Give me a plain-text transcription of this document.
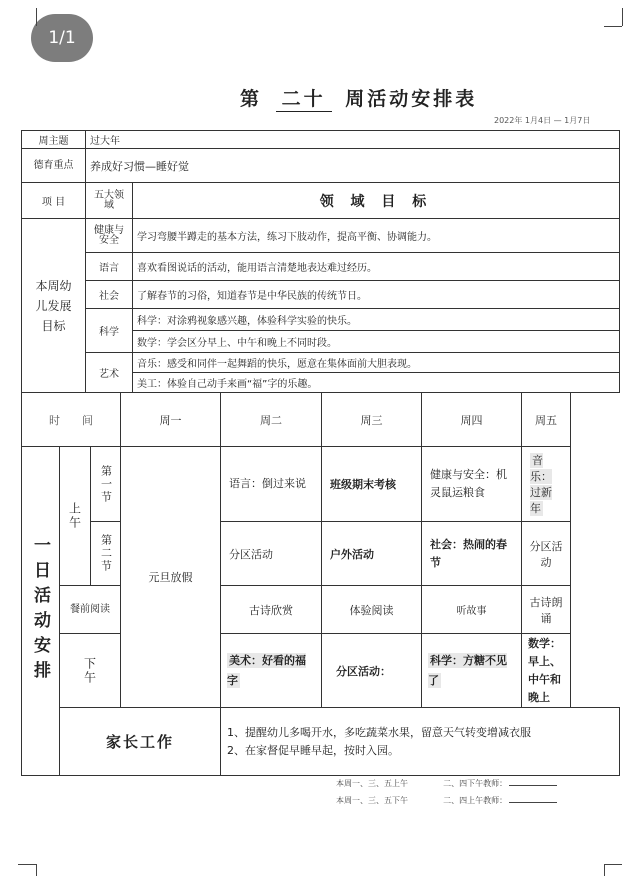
1/1
第 二十 周活动安排表
2022年 1月4日 — 1月7日
周主题	过大年	
德育重点	养成好习惯—睡好觉	
项 目	五大领域	领 域 目 标
本周幼儿发展目标	健康与安全	学习弯腰半蹲走的基本方法，练习下肢动作，提高平衡、协调能力。
	语言	喜欢看图说话的活动，能用语言清楚地表达难过经历。
	社会	了解春节的习俗，知道春节是中华民族的传统节日。
	科学	科学：对涂鸦视象感兴趣，体验科学实验的快乐。
数学：学会区分早上、中午和晚上不同时段。

	艺术	音乐：感受和同伴一起舞蹈的快乐，愿意在集体面前大胆表现。
美工：体验自己动手来画“福”字的乐趣。
时　　间			周一	周二	周三	周四	周五
一日活动安排	上午	第一节	元旦放假	语言：倒过来说	班级期末考核	健康与安全：机灵鼠运粮食	音乐：过新年
		第二节		分区活动	户外活动	社会：热闹的春节	分区活动
	餐前阅读			古诗欣赏	体验阅读	听故事	古诗朗诵
	下午			美术：好看的福字	分区活动：	科学：方糖不见了	数学：早上、中午和晚上
	家长工作			1、提醒幼儿多喝开水，多吃蔬菜水果，留意天气转变增减衣服
2、在家督促早睡早起，按时入园。			
本周一、三、五上午	二、四下午教师：
本周一、三、五下午	二、四上午教师：
